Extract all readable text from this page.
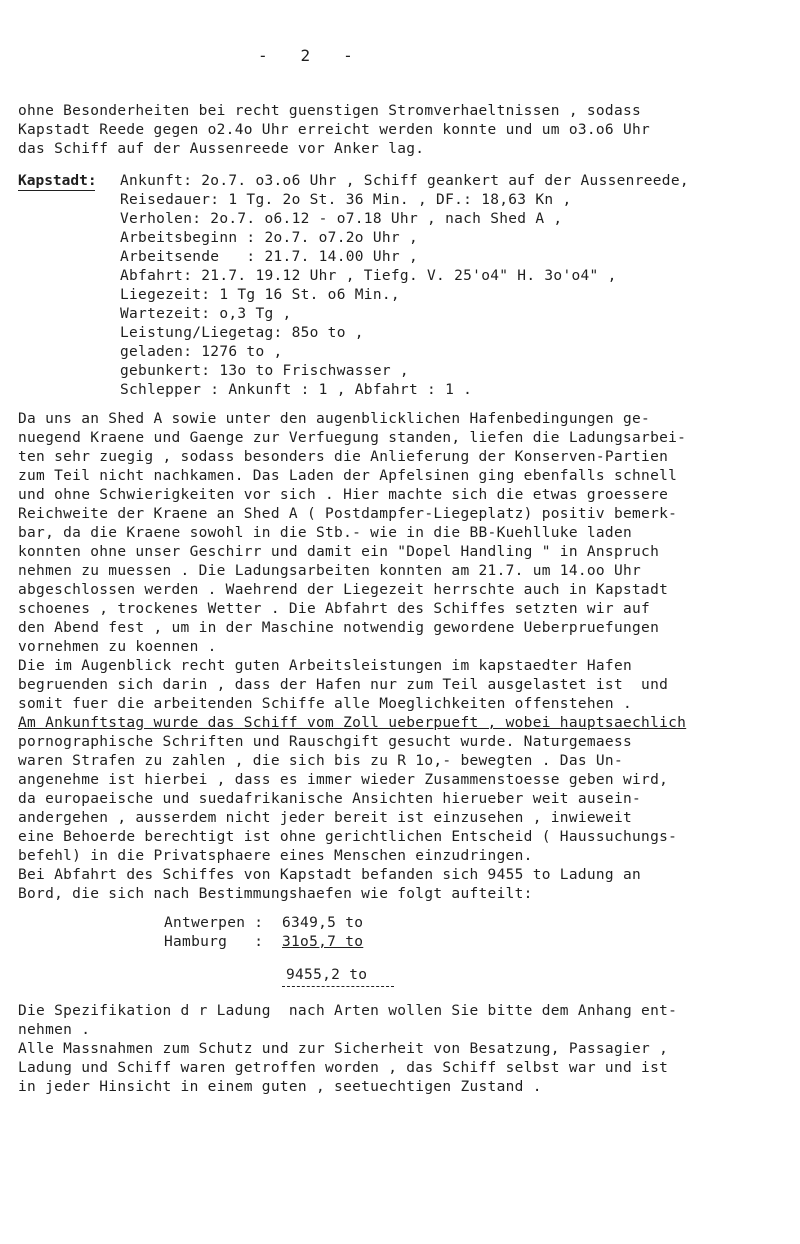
-   2   -
ohne Besonderheiten bei recht guenstigen Stromverhaeltnissen , sodass
Kapstadt Reede gegen o2.4o Uhr erreicht werden konnte und um o3.o6 Uhr
das Schiff auf der Aussenreede vor Anker lag.
Kapstadt: Ankunft: 2o.7. o3.o6 Uhr , Schiff geankert auf der Aussenreede,
Reisedauer: 1 Tg. 2o St. 36 Min. , DF.: 18,63 Kn ,
Verholen: 2o.7. o6.12 - o7.18 Uhr , nach Shed A ,
Arbeitsbeginn : 2o.7. o7.2o Uhr ,
Arbeitsende   : 21.7. 14.00 Uhr ,
Abfahrt: 21.7. 19.12 Uhr , Tiefg. V. 25'o4" H. 3o'o4" ,
Liegezeit: 1 Tg 16 St. o6 Min.,
Wartezeit: o,3 Tg ,
Leistung/Liegetag: 85o to ,
geladen: 1276 to ,
gebunkert: 13o to Frischwasser ,
Schlepper : Ankunft : 1 , Abfahrt : 1 .
Da uns an Shed A sowie unter den augenblicklichen Hafenbedingungen ge-
nuegend Kraene und Gaenge zur Verfuegung standen, liefen die Ladungsarbei-
ten sehr zuegig , sodass besonders die Anlieferung der Konserven-Partien
zum Teil nicht nachkamen. Das Laden der Apfelsinen ging ebenfalls schnell
und ohne Schwierigkeiten vor sich . Hier machte sich die etwas groessere
Reichweite der Kraene an Shed A ( Postdampfer-Liegeplatz) positiv bemerk-
bar, da die Kraene sowohl in die Stb.- wie in die BB-Kuehlluke laden
konnten ohne unser Geschirr und damit ein "Dopel Handling " in Anspruch
nehmen zu muessen . Die Ladungsarbeiten konnten am 21.7. um 14.oo Uhr
abgeschlossen werden . Waehrend der Liegezeit herrschte auch in Kapstadt
schoenes , trockenes Wetter . Die Abfahrt des Schiffes setzten wir auf
den Abend fest , um in der Maschine notwendig gewordene Ueberpruefungen
vornehmen zu koennen .
Die im Augenblick recht guten Arbeitsleistungen im kapstaedter Hafen
begruenden sich darin , dass der Hafen nur zum Teil ausgelastet ist  und
somit fuer die arbeitenden Schiffe alle Moeglichkeiten offenstehen .
Am Ankunftstag wurde das Schiff vom Zoll ueberpueft , wobei hauptsaechlich
pornographische Schriften und Rauschgift gesucht wurde. Naturgemaess
waren Strafen zu zahlen , die sich bis zu R 1o,- bewegten . Das Un-
angenehme ist hierbei , dass es immer wieder Zusammenstoesse geben wird,
da europaeische und suedafrikanische Ansichten hierueber weit ausein-
andergehen , ausserdem nicht jeder bereit ist einzusehen , inwieweit
eine Behoerde berechtigt ist ohne gerichtlichen Entscheid ( Haussuchungs-
befehl) in die Privatsphaere eines Menschen einzudringen.
Bei Abfahrt des Schiffes von Kapstadt befanden sich 9455 to Ladung an
Bord, die sich nach Bestimmungshaefen wie folgt aufteilt:
Antwerpen : 6349,5 to
Hamburg   : 31o5,7 to
9455,2 to
Die Spezifikation d r Ladung  nach Arten wollen Sie bitte dem Anhang ent-
nehmen .
Alle Massnahmen zum Schutz und zur Sicherheit von Besatzung, Passagier ,
Ladung und Schiff waren getroffen worden , das Schiff selbst war und ist
in jeder Hinsicht in einem guten , seetuechtigen Zustand .
